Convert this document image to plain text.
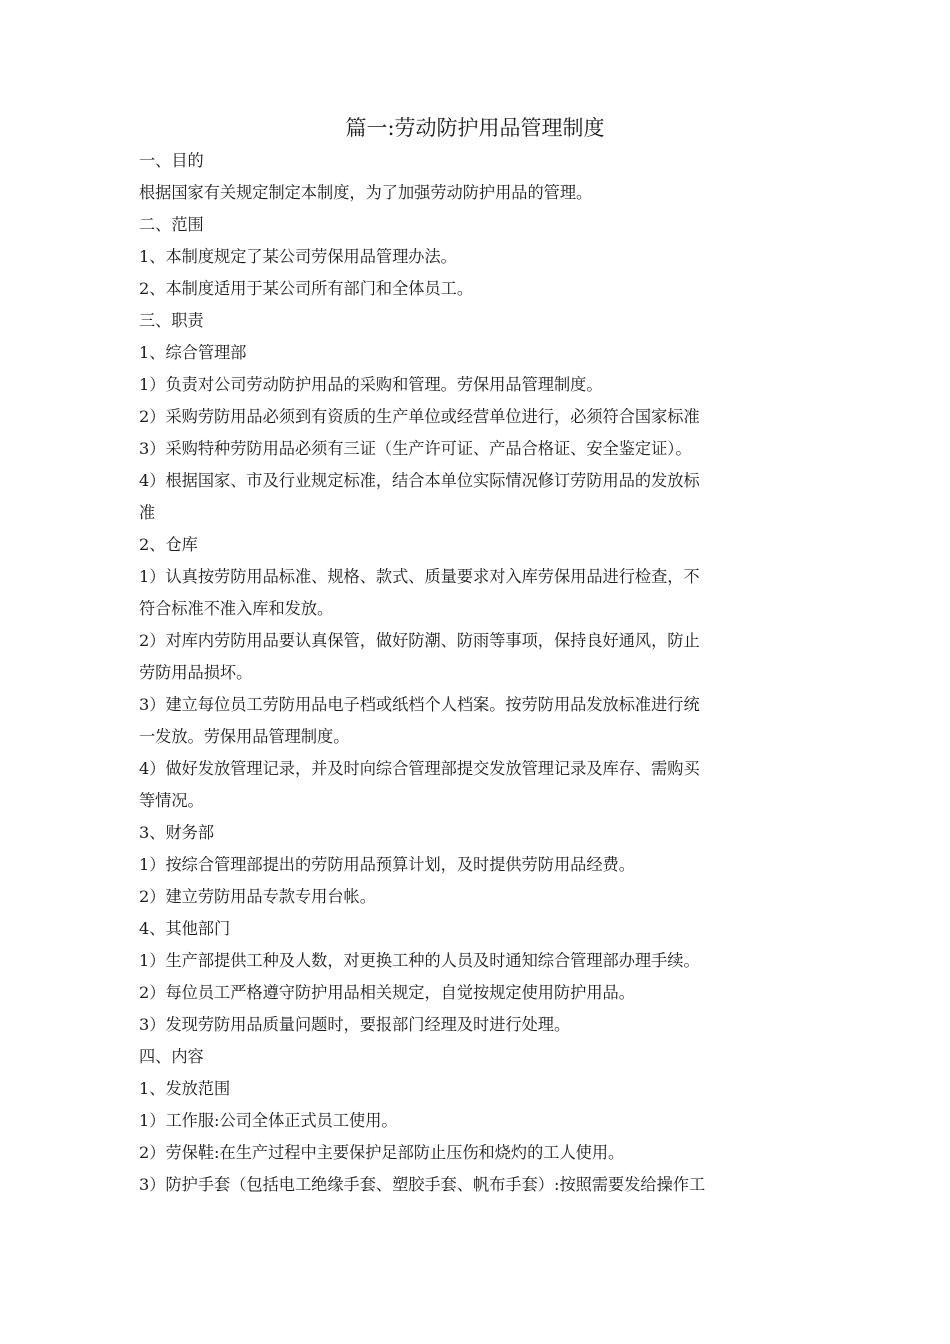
篇一:劳动防护用品管理制度
一、目的
根据国家有关规定制定本制度，为了加强劳动防护用品的管理。
二、范围
1、本制度规定了某公司劳保用品管理办法。
2、本制度适用于某公司所有部门和全体员工。
三、职责
1、综合管理部
1）负责对公司劳动防护用品的采购和管理。劳保用品管理制度。
2）采购劳防用品必须到有资质的生产单位或经营单位进行，必须符合国家标准
3）采购特种劳防用品必须有三证（生产许可证、产品合格证、安全鉴定证）。
4）根据国家、市及行业规定标准，结合本单位实际情况修订劳防用品的发放标
准
2、仓库
1）认真按劳防用品标准、规格、款式、质量要求对入库劳保用品进行检查，不
符合标准不准入库和发放。
2）对库内劳防用品要认真保管，做好防潮、防雨等事项，保持良好通风，防止
劳防用品损坏。
3）建立每位员工劳防用品电子档或纸档个人档案。按劳防用品发放标准进行统
一发放。劳保用品管理制度。
4）做好发放管理记录，并及时向综合管理部提交发放管理记录及库存、需购买
等情况。
3、财务部
1）按综合管理部提出的劳防用品预算计划，及时提供劳防用品经费。
2）建立劳防用品专款专用台帐。
4、其他部门
1）生产部提供工种及人数，对更换工种的人员及时通知综合管理部办理手续。
2）每位员工严格遵守防护用品相关规定，自觉按规定使用防护用品。
3）发现劳防用品质量问题时，要报部门经理及时进行处理。
四、内容
1、发放范围
1）工作服:公司全体正式员工使用。
2）劳保鞋:在生产过程中主要保护足部防止压伤和烧灼的工人使用。
3）防护手套（包括电工绝缘手套、塑胶手套、帆布手套）:按照需要发给操作工
